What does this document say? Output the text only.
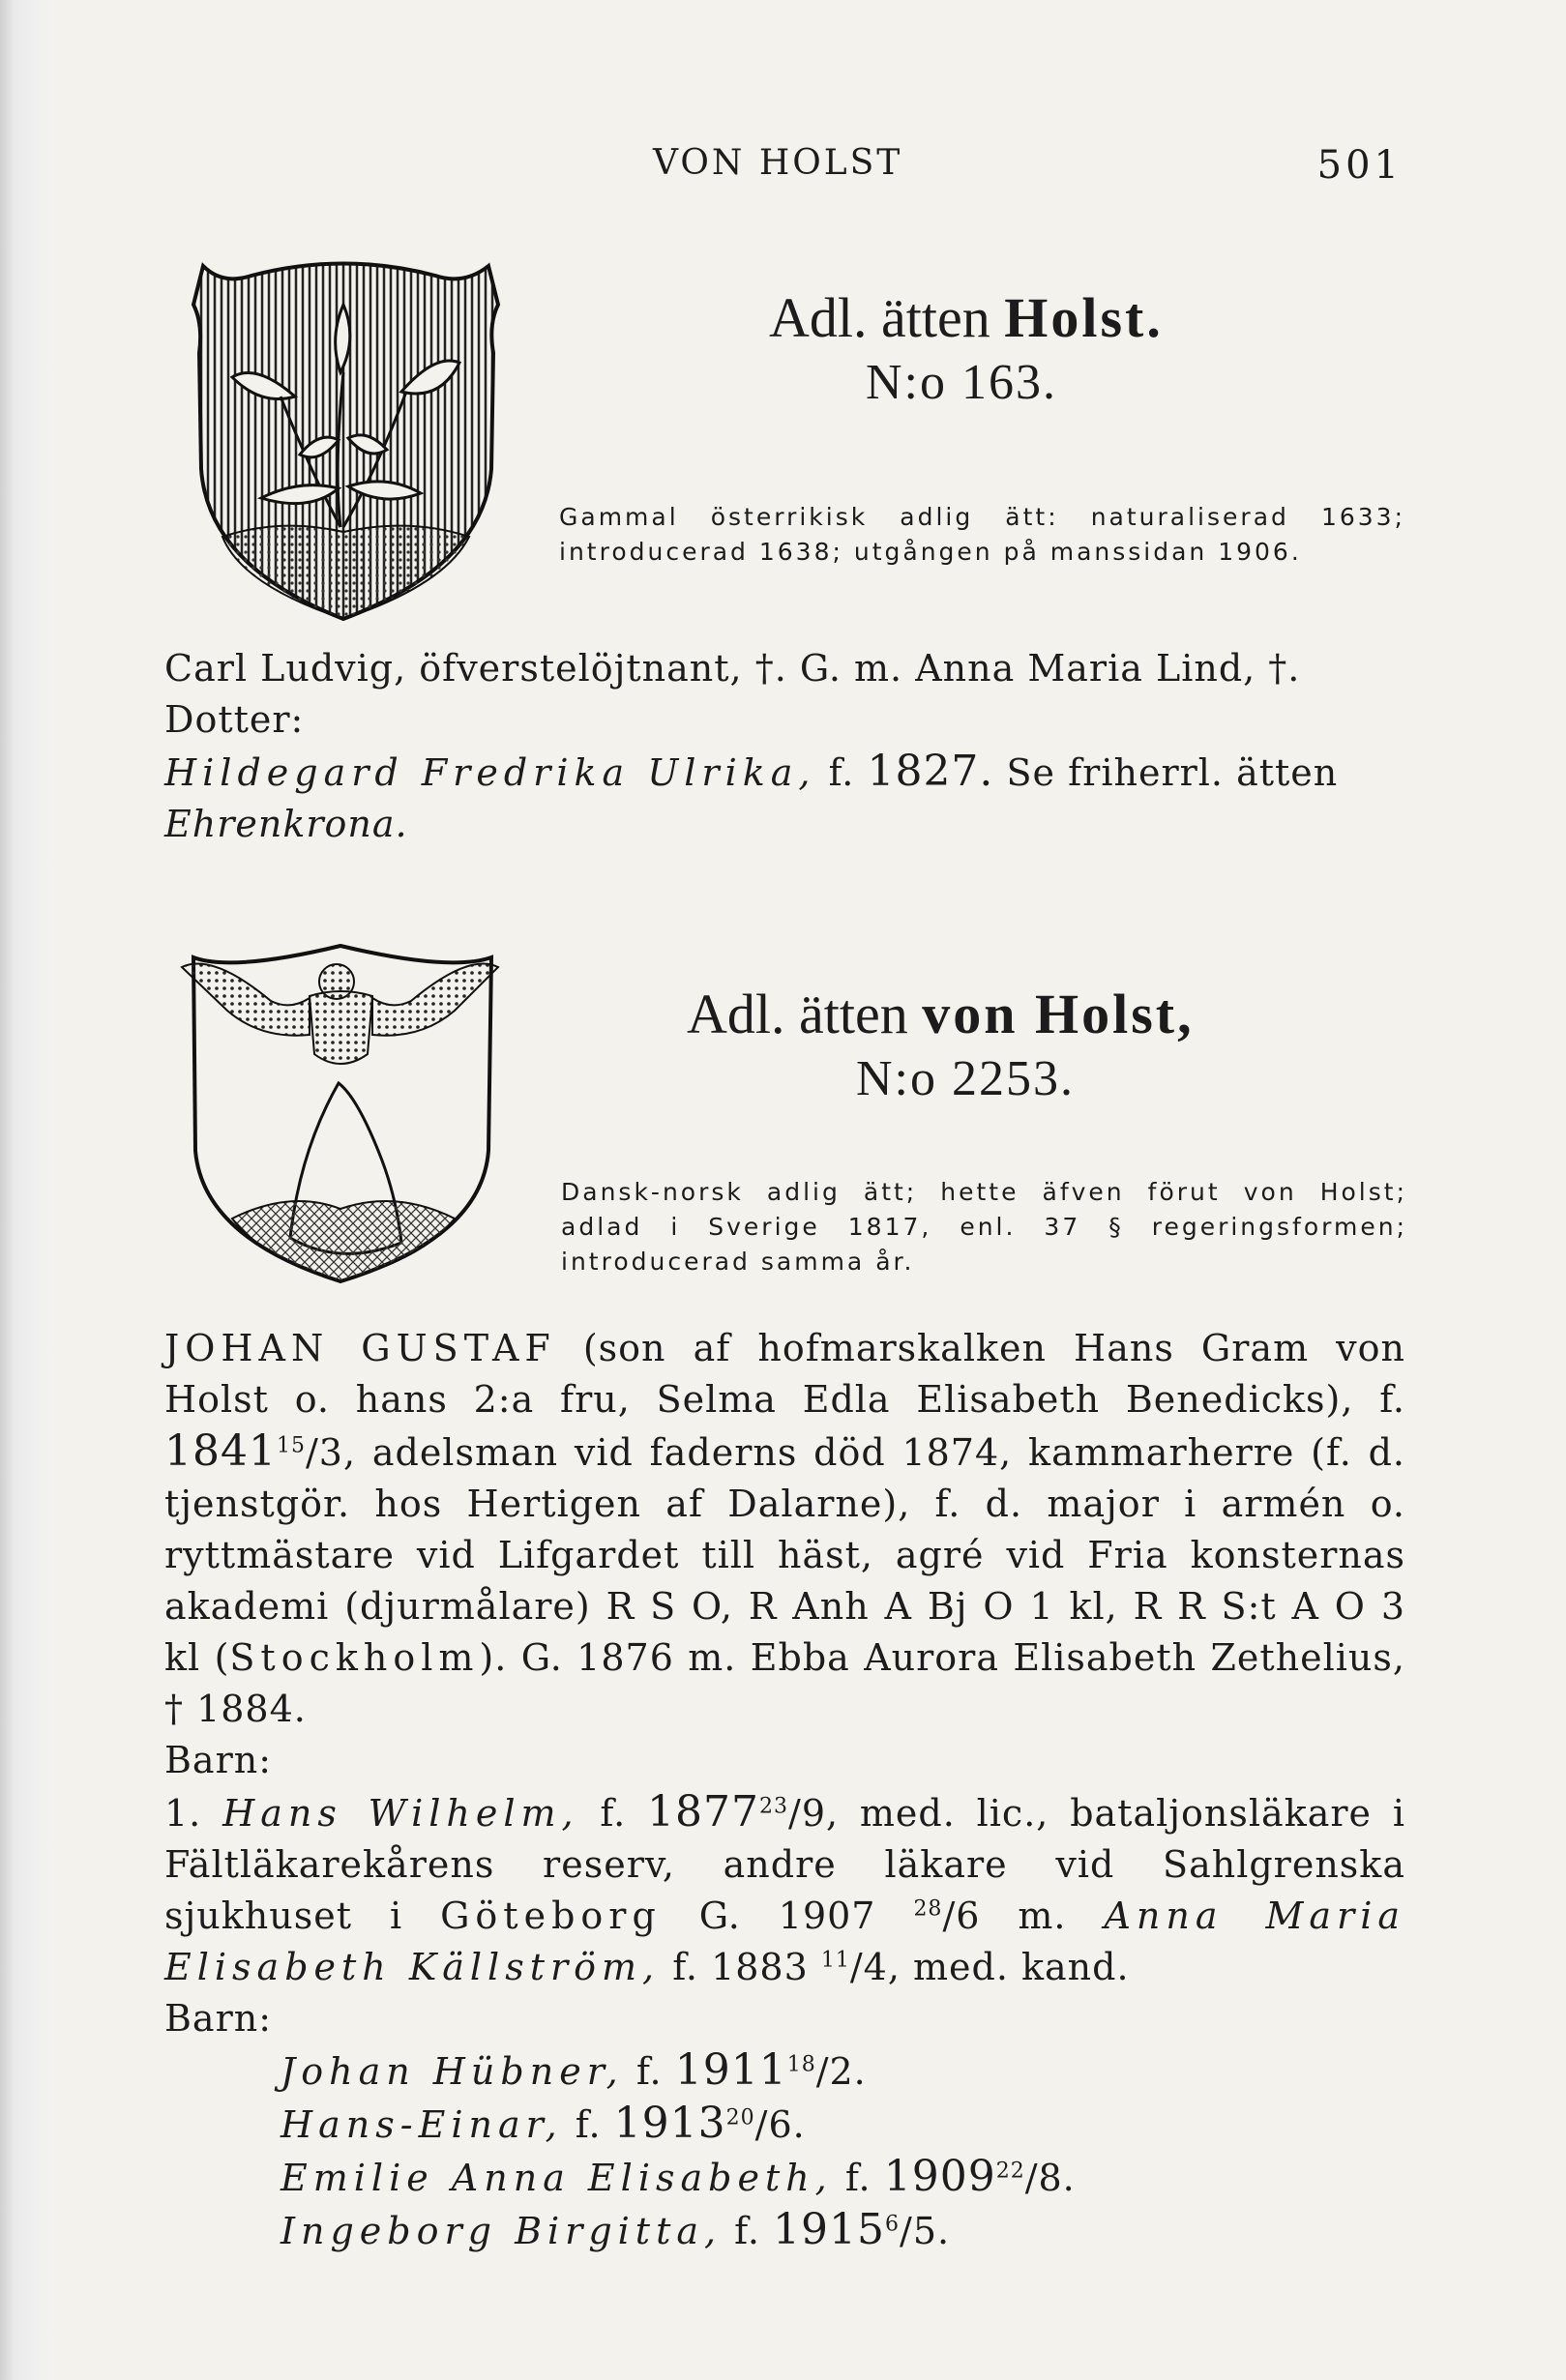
VON HOLST	501
Adl. ätten Holst.
N:o 163.
Gammal österrikisk adlig ätt: naturaliserad 1633; introducerad 1638; utgången på manssidan 1906.
Carl Ludvig, öfverstelöjtnant, †. G. m. Anna Maria Lind, †.
Dotter:
Hildegard Fredrika Ulrika, f. 1827. Se friherrl. ätten
Ehrenkrona.
Adl. ätten von Holst,
N:o 2253.
Dansk-norsk adlig ätt; hette äfven förut von Holst; adlad i Sverige 1817, enl. 37 § regeringsformen; introducerad samma år.
JOHAN GUSTAF (son af hofmarskalken Hans Gram von Holst o. hans 2:a fru, Selma Edla Elisabeth Benedicks), f. 1841$^{15}$/3, adelsman vid faderns död 1874, kammarherre (f. d. tjenstgör. hos Hertigen af Dalarne), f. d. major i armén o. ryttmästare vid Lifgardet till häst, agré vid Fria konsternas akademi (djurmålare) R S O, R Anh A Bj O 1 kl, R R S:t A O 3 kl (Stockholm). G. 1876 m. Ebba Aurora Elisabeth Zethelius, † 1884.
Barn:
1. Hans Wilhelm, f. 1877$^{23}$/9, med. lic., bataljonsläkare i Fältläkarekårens reserv, andre läkare vid Sahlgrenska sjukhuset i Göteborg G. 1907 $^{28}$/6 m. Anna Maria Elisabeth Källström, f. 1883 $^{11}$/4, med. kand.
Barn:
Johan Hübner, f. 1911$^{18}$/2.
Hans-Einar, f. 1913$^{20}$/6.
Emilie Anna Elisabeth, f. 1909$^{22}$/8.
Ingeborg Birgitta, f. 1915$^6$/5.
